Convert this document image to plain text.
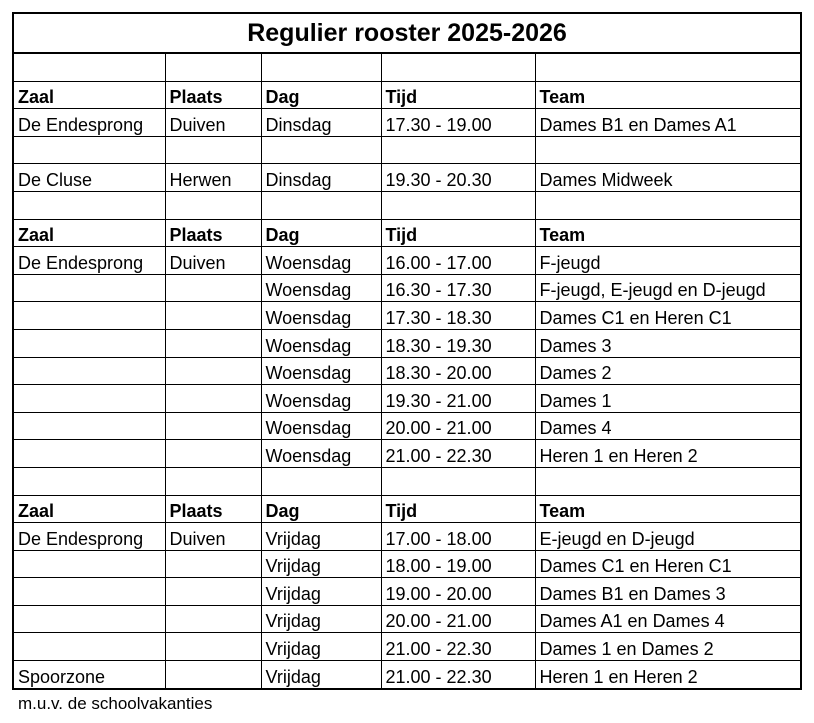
Regulier rooster 2025-2026				

Zaal	Plaats	Dag	Tijd	Team
De Endesprong	Duiven	Dinsdag	17.30 - 19.00	Dames B1 en Dames A1

De Cluse	Herwen	Dinsdag	19.30 - 20.30	Dames Midweek

Zaal	Plaats	Dag	Tijd	Team
De Endesprong	Duiven	Woensdag	16.00 - 17.00	F-jeugd
		Woensdag	16.30 - 17.30	F-jeugd, E-jeugd en D-jeugd
		Woensdag	17.30 - 18.30	Dames C1 en Heren C1
		Woensdag	18.30 - 19.30	Dames 3
		Woensdag	18.30 - 20.00	Dames 2
		Woensdag	19.30 - 21.00	Dames 1
		Woensdag	20.00 - 21.00	Dames 4
		Woensdag	21.00 - 22.30	Heren 1 en Heren 2

Zaal	Plaats	Dag	Tijd	Team
De Endesprong	Duiven	Vrijdag	17.00 - 18.00	E-jeugd en D-jeugd
		Vrijdag	18.00 - 19.00	Dames C1 en Heren C1
		Vrijdag	19.00 - 20.00	Dames B1 en Dames 3
		Vrijdag	20.00 - 21.00	Dames A1 en Dames 4
		Vrijdag	21.00 - 22.30	Dames 1 en Dames 2
Spoorzone		Vrijdag	21.00 - 22.30	Heren 1 en Heren 2
m.u.v. de schoolvakanties
